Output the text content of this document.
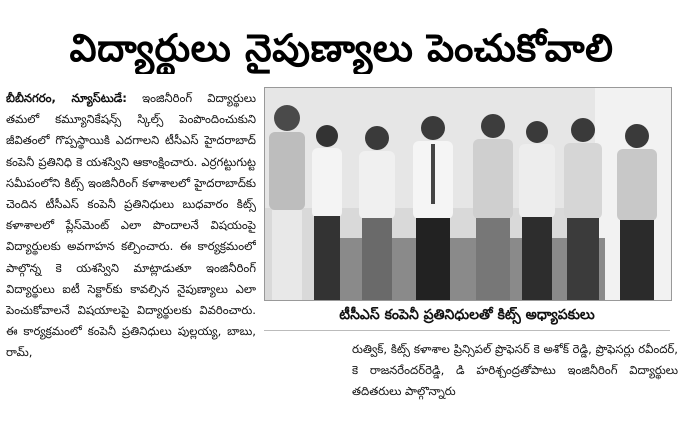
విద్యార్థులు నైపుణ్యాలు పెంచుకోవాలి

బీబీనగరం, న్యూస్‌టుడే: ఇంజినీరింగ్ విద్యార్థులు తమలో కమ్యూనికేషన్స్ స్కిల్స్ పెంపొందించుకుని జీవితంలో గొప్పస్థాయికి ఎదగాలని టీసీఎస్ హైదరాబాద్ కంపెనీ ప్రతినిధి కె యశస్విని ఆకాంక్షించారు. ఎర్రగట్టుగుట్ట సమీపంలోని కిట్స్ ఇంజినీరింగ్ కళాశాలలో హైదరాబాద్‌కు చెందిన టీసీఎస్ కంపెనీ ప్రతినిధులు బుధవారం కిట్స్ కళాశాలలో ప్లేస్‌మెంట్ ఎలా పొందాలనే విషయంపై విద్యార్థులకు అవగాహన కల్పించారు. ఈ కార్యక్రమంలో పాల్గొన్న కె యశస్విని మాట్లాడుతూ ఇంజినీరింగ్ విద్యార్థులు ఐటీ సెక్టార్‌కు కావల్సిన నైపుణ్యాలు ఎలా పెంచుకోవాలనే విషయాలపై విద్యార్థులకు వివరించారు. ఈ కార్యక్రమంలో కంపెనీ ప్రతినిధులు పుల్లయ్య, బాబు, రామ్,

టీసీఎస్ కంపెనీ ప్రతినిధులతో కిట్స్ అధ్యాపకులు

రుత్విక్, కిట్స్ కళాశాల ప్రిన్సిపల్ ప్రొఫెసర్ కె అశోక్ రెడ్డి, ప్రొఫెసర్లు రవీందర్, కె రాజనరేందర్‌రెడ్డి, డి హరిశ్చంద్రతోపాటు ఇంజినీరింగ్ విద్యార్థులు తదితరులు పాల్గొన్నారు
